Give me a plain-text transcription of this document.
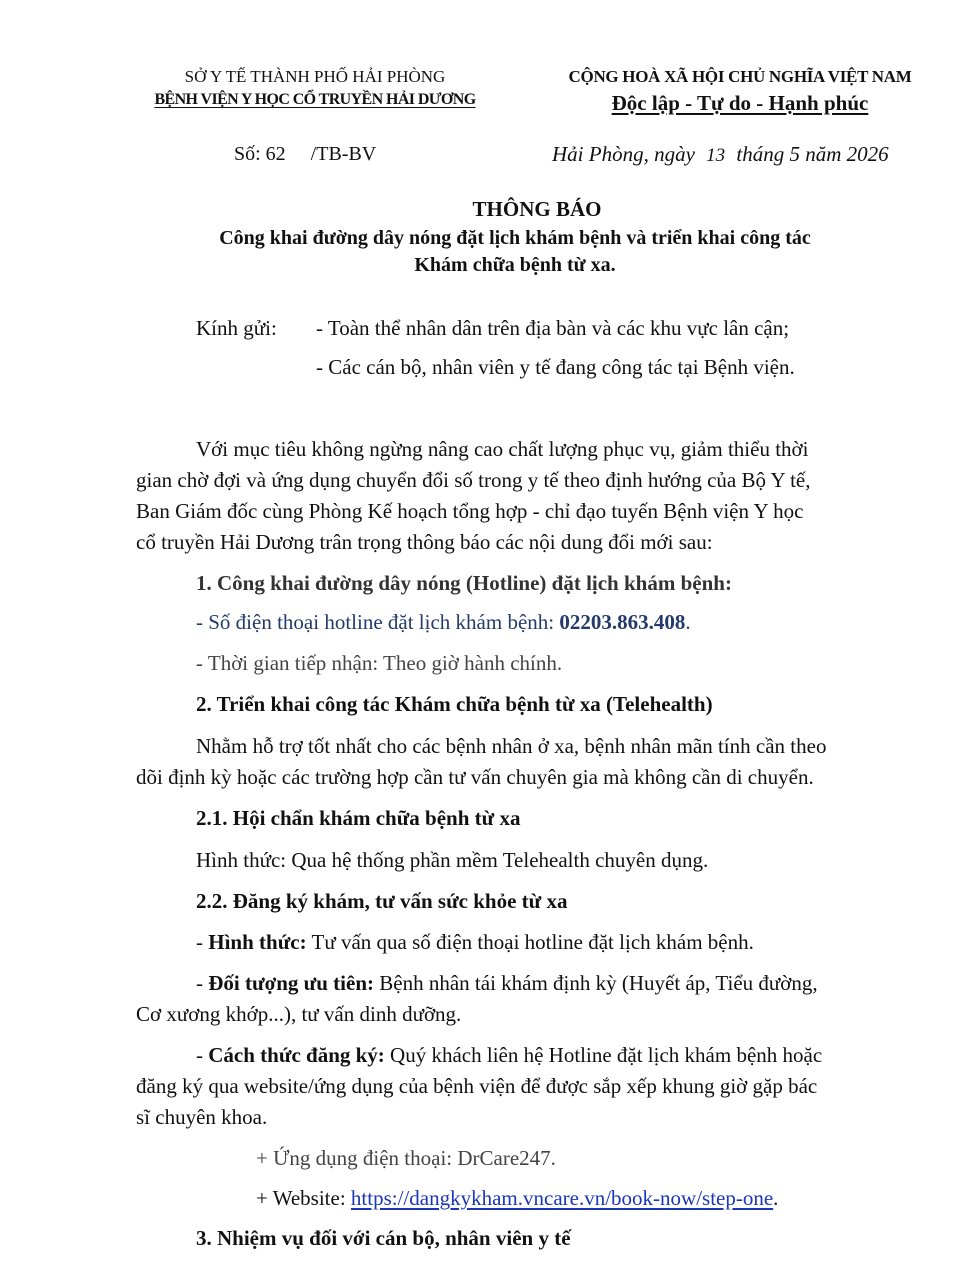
SỞ Y TẾ THÀNH PHỐ HẢI PHÒNG
BỆNH VIỆN Y HỌC CỔ TRUYỀN HẢI DƯƠNG
CỘNG HOÀ XÃ HỘI CHỦ NGHĨA VIỆT NAM
Độc lập - Tự do - Hạnh phúc
Số: 62     /TB-BV	Hải Phòng, ngày 13 tháng 5 năm 2026
THÔNG BÁO
Công khai đường dây nóng đặt lịch khám bệnh và triển khai công tác
Khám chữa bệnh từ xa.
Kính gửi: - Toàn thể nhân dân trên địa bàn và các khu vực lân cận;
- Các cán bộ, nhân viên y tế đang công tác tại Bệnh viện.
Với mục tiêu không ngừng nâng cao chất lượng phục vụ, giảm thiểu thời
gian chờ đợi và ứng dụng chuyển đổi số trong y tế theo định hướng của Bộ Y tế,
Ban Giám đốc cùng Phòng Kế hoạch tổng hợp - chỉ đạo tuyến Bệnh viện Y học
cổ truyền Hải Dương trân trọng thông báo các nội dung đổi mới sau:
1. Công khai đường dây nóng (Hotline) đặt lịch khám bệnh:
- Số điện thoại hotline đặt lịch khám bệnh: 02203.863.408.
- Thời gian tiếp nhận: Theo giờ hành chính.
2. Triển khai công tác Khám chữa bệnh từ xa (Telehealth)
Nhằm hỗ trợ tốt nhất cho các bệnh nhân ở xa, bệnh nhân mãn tính cần theo
dõi định kỳ hoặc các trường hợp cần tư vấn chuyên gia mà không cần di chuyển.
2.1. Hội chẩn khám chữa bệnh từ xa
Hình thức: Qua hệ thống phần mềm Telehealth chuyên dụng.
2.2. Đăng ký khám, tư vấn sức khỏe từ xa
- Hình thức: Tư vấn qua số điện thoại hotline đặt lịch khám bệnh.
- Đối tượng ưu tiên: Bệnh nhân tái khám định kỳ (Huyết áp, Tiểu đường,
Cơ xương khớp...), tư vấn dinh dưỡng.
- Cách thức đăng ký: Quý khách liên hệ Hotline đặt lịch khám bệnh hoặc
đăng ký qua website/ứng dụng của bệnh viện để được sắp xếp khung giờ gặp bác
sĩ chuyên khoa.
+ Ứng dụng điện thoại: DrCare247.
+ Website: https://dangkykham.vncare.vn/book-now/step-one.
3. Nhiệm vụ đối với cán bộ, nhân viên y tế
